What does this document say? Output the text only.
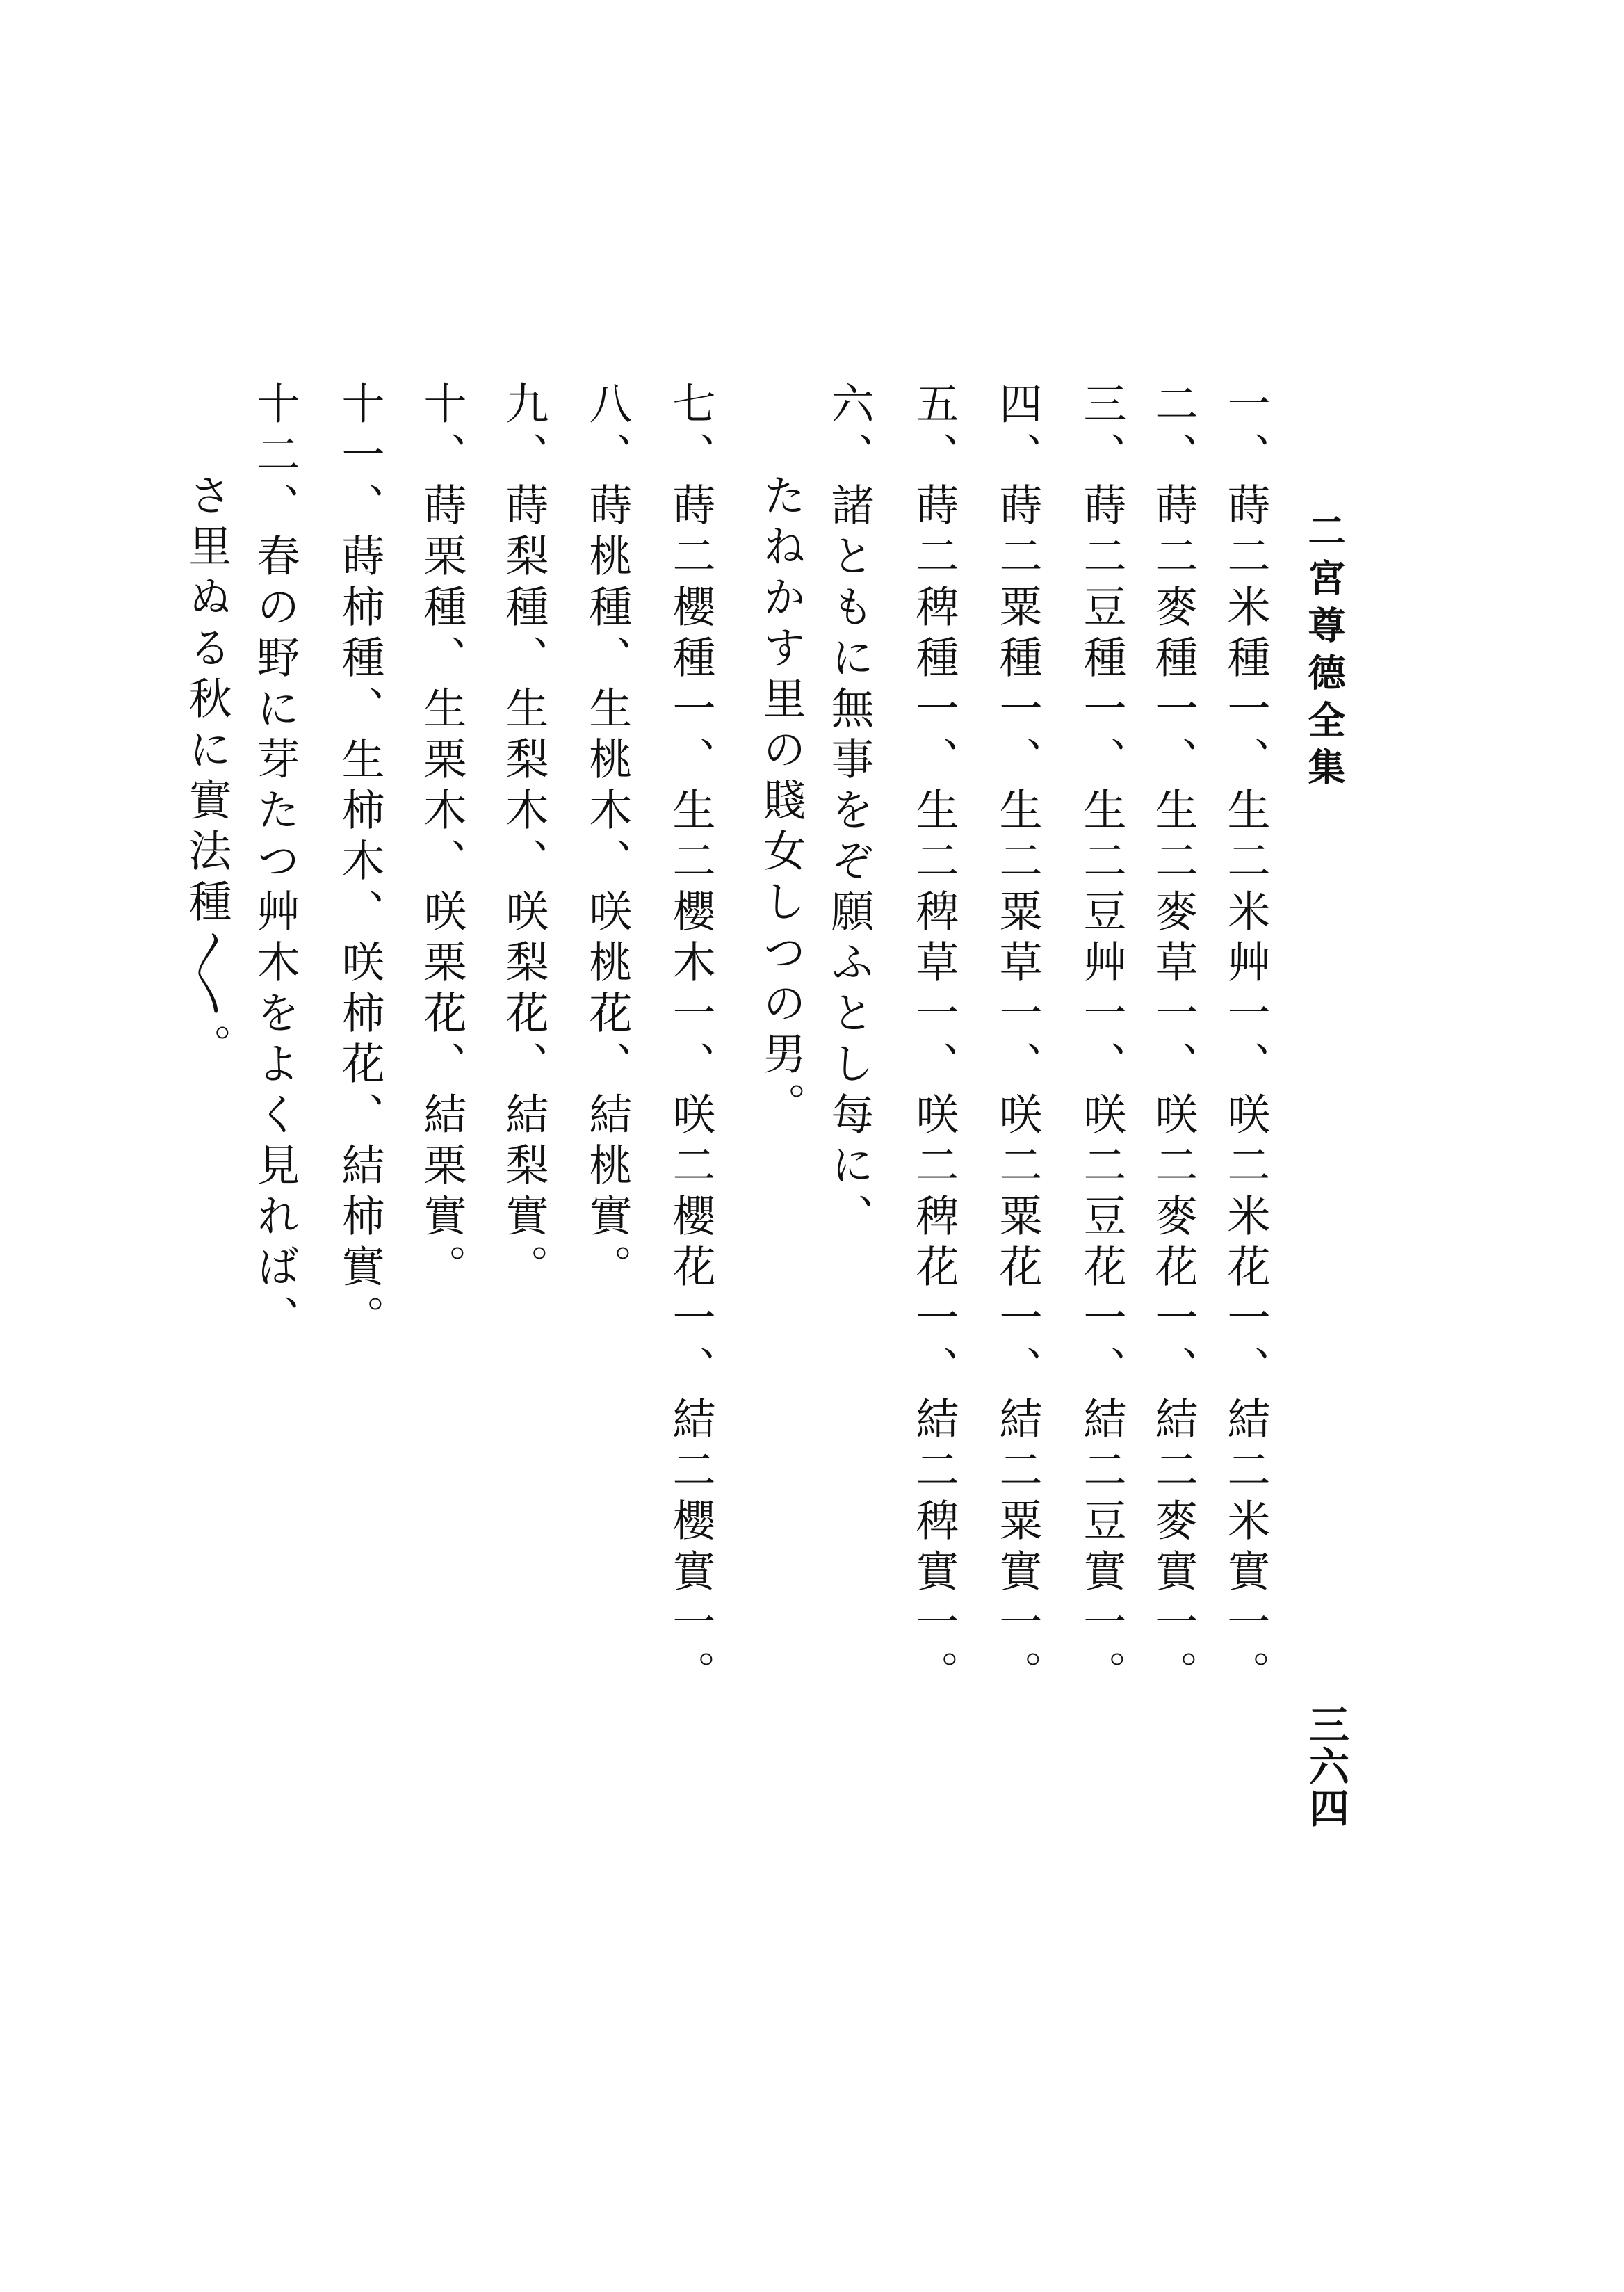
二宮尊德全集
一、蒔二米種一、生二米艸一、咲二米花一、結二米實一。
二、蒔二麥種一、生二麥草一、咲二麥花一、結二麥實一。
三、蒔二豆種一、生二豆艸一、咲二豆花一、結二豆實一。
四、蒔二粟種一、生二粟草一、咲二粟花一、結二粟實一。
五、蒔二稗種一、生二稗草一、咲二稗花一、結二稗實一。
六、諸ともに無事をぞ願ふとし每に、
たねかす里の賤女しつの男。
七、蒔二櫻種一、生二櫻木一、咲二櫻花一、結二櫻實一。
八、蒔桃種、生桃木、咲桃花、結桃實。
九、蒔梨種、生梨木、咲梨花、結梨實。
十、蒔栗種、生栗木、咲栗花、結栗實。
十一、蒔柿種、生柿木、咲柿花、結柿實。
十二、春の野に芽たつ艸木をよく見れば、
さ里ぬる秋に實法種〳〵。
三六四
